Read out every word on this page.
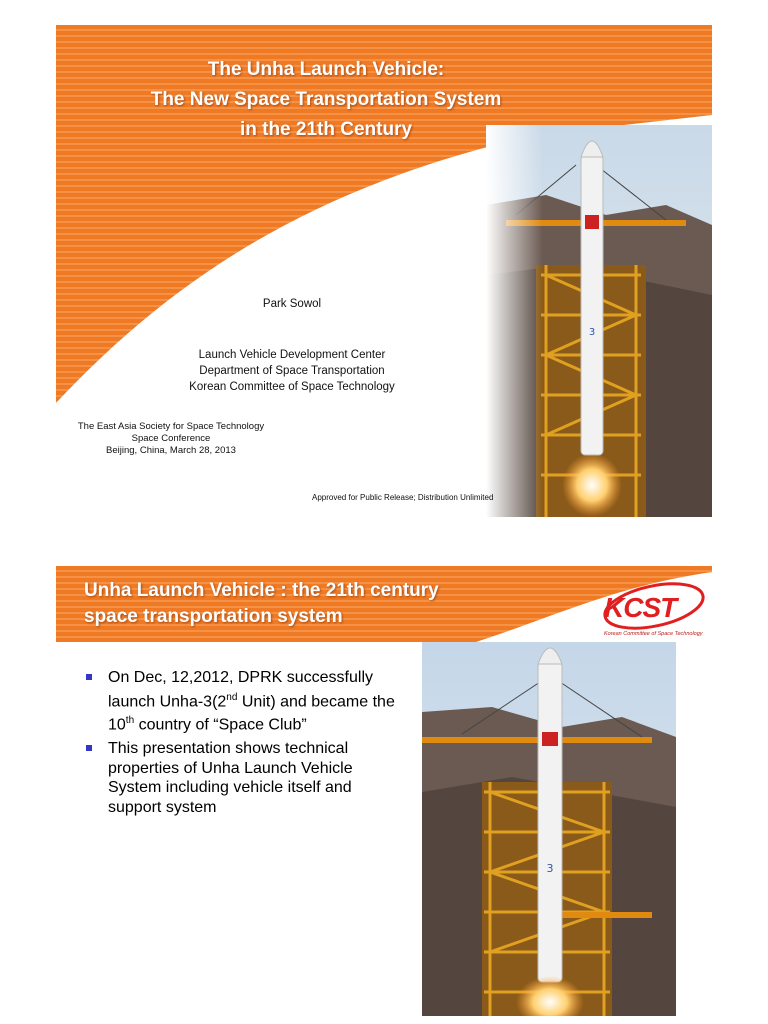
The Unha Launch Vehicle:
The New Space Transportation System
in the 21th Century
Park Sowol
Launch Vehicle Development Center
Department of Space Transportation
Korean Committee of Space Technology
The East Asia Society for Space Technology
Space Conference
Beijing, China, March 28, 2013
Approved for Public Release; Distribution Unlimited
Unha Launch Vehicle : the 21th century
space transportation system	KCST
Korean Committee of Space Technology
On Dec, 12,2012, DPRK successfully launch Unha-3(2nd Unit) and became the 10th country of “Space Club”
This presentation shows technical properties of Unha Launch Vehicle System including vehicle itself and support system
3
